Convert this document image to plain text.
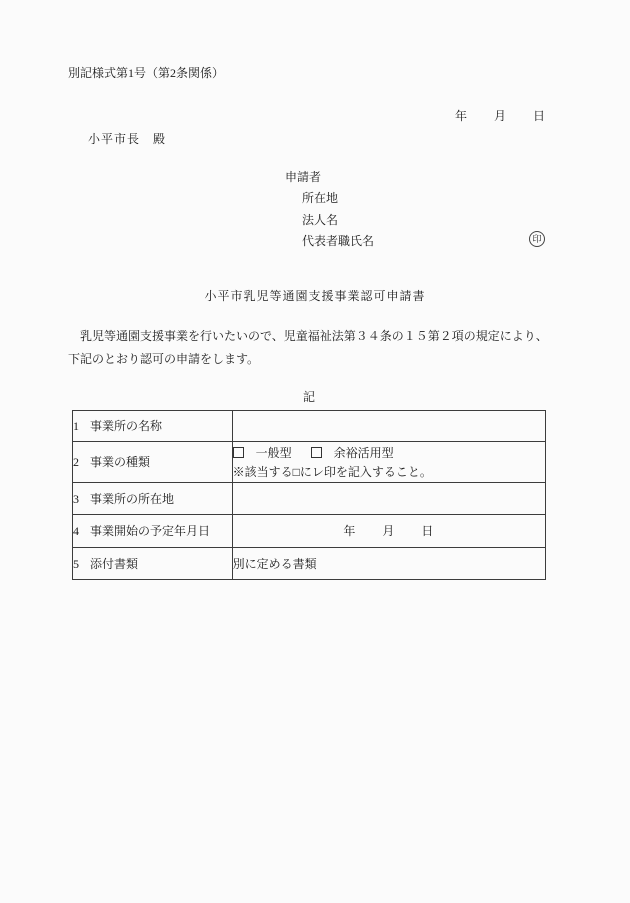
別記様式第1号（第2条関係）
年　　月　　日
小平市長　殿
申請者
所在地
法人名
代表者職氏名	印
小平市乳児等通園支援事業認可申請書
　乳児等通園支援事業を行いたいので、児童福祉法第３４条の１５第２項の規定により、
下記のとおり認可の申請をします。
記
1 事業所の名称	
2 事業の種類	一般型 余裕活用型
※該当する□にレ印を記入すること。

3 事業所の所在地	
4 事業開始の予定年月日	年　　月　　日

5 添付書類	別に定める書類
